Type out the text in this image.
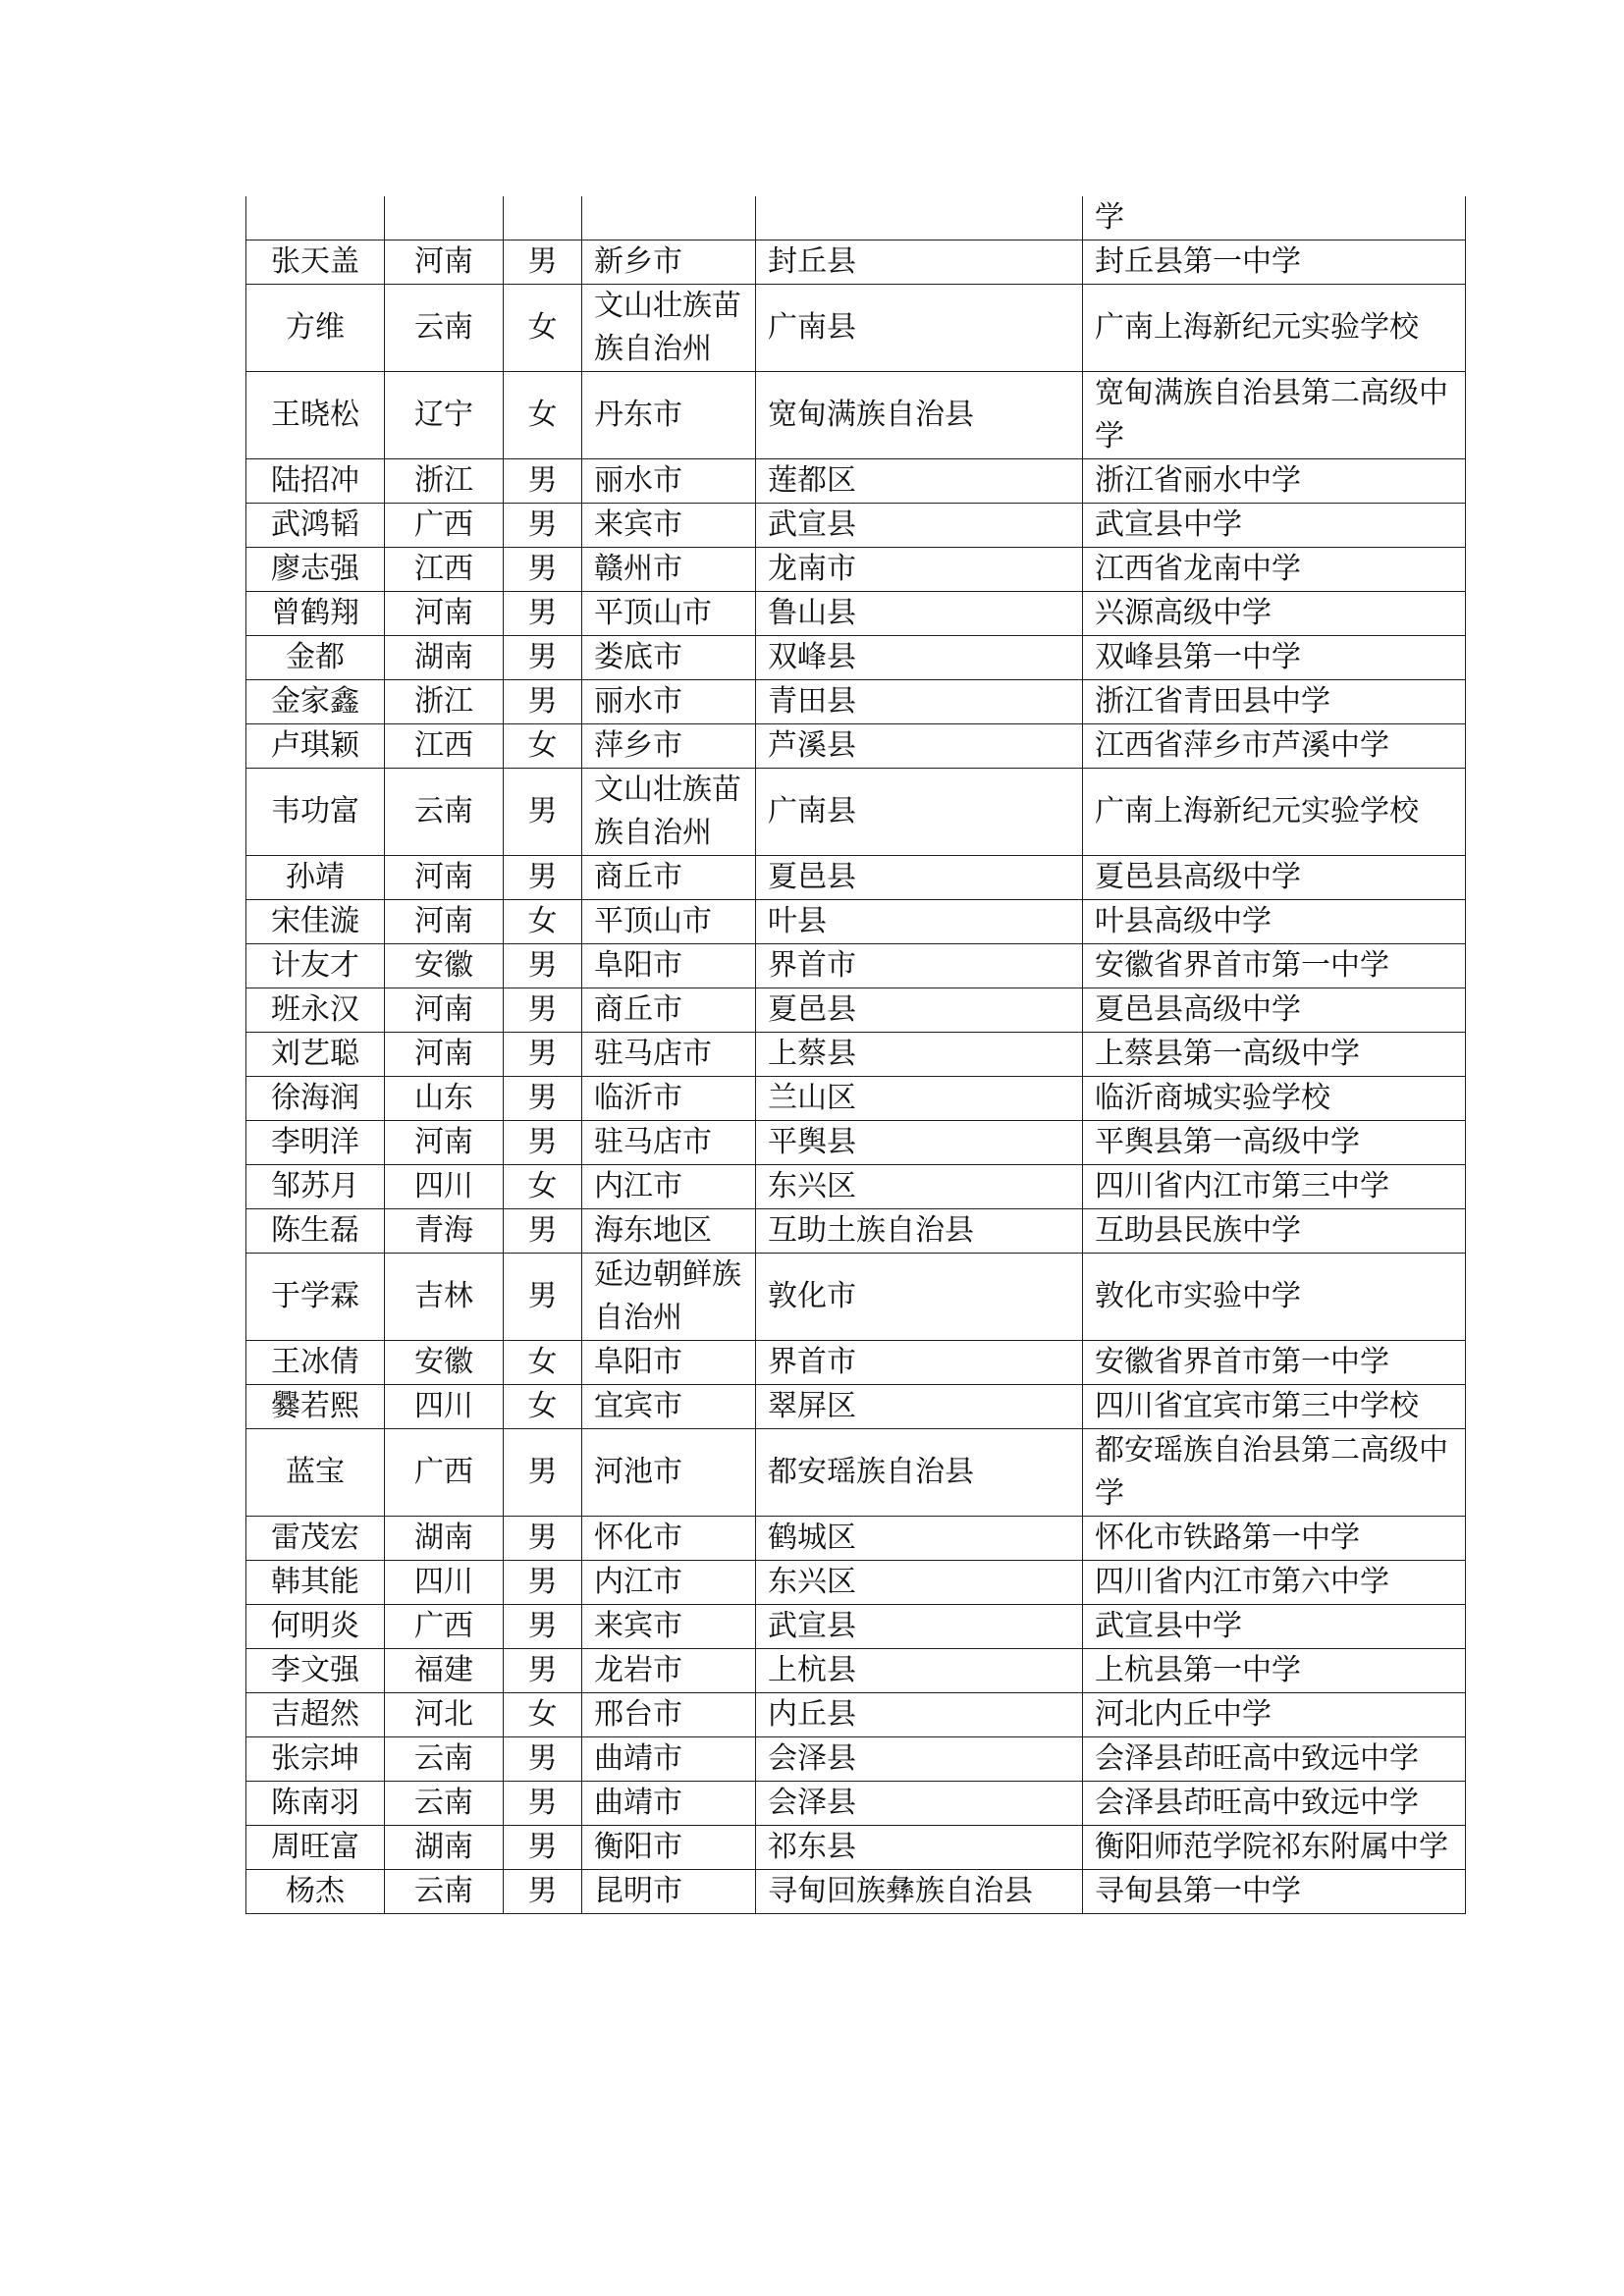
					学
张天盖	河南	男	新乡市	封丘县	封丘县第一中学
方维	云南	女	文山壮族苗族自治州	广南县	广南上海新纪元实验学校
王晓松	辽宁	女	丹东市	宽甸满族自治县	宽甸满族自治县第二高级中学
陆招冲	浙江	男	丽水市	莲都区	浙江省丽水中学
武鸿韬	广西	男	来宾市	武宣县	武宣县中学
廖志强	江西	男	赣州市	龙南市	江西省龙南中学
曾鹤翔	河南	男	平顶山市	鲁山县	兴源高级中学
金都	湖南	男	娄底市	双峰县	双峰县第一中学
金家鑫	浙江	男	丽水市	青田县	浙江省青田县中学
卢琪颖	江西	女	萍乡市	芦溪县	江西省萍乡市芦溪中学
韦功富	云南	男	文山壮族苗族自治州	广南县	广南上海新纪元实验学校
孙靖	河南	男	商丘市	夏邑县	夏邑县高级中学
宋佳漩	河南	女	平顶山市	叶县	叶县高级中学
计友才	安徽	男	阜阳市	界首市	安徽省界首市第一中学
班永汉	河南	男	商丘市	夏邑县	夏邑县高级中学
刘艺聪	河南	男	驻马店市	上蔡县	上蔡县第一高级中学
徐海润	山东	男	临沂市	兰山区	临沂商城实验学校
李明洋	河南	男	驻马店市	平舆县	平舆县第一高级中学
邹苏月	四川	女	内江市	东兴区	四川省内江市第三中学
陈生磊	青海	男	海东地区	互助土族自治县	互助县民族中学
于学霖	吉林	男	延边朝鲜族自治州	敦化市	敦化市实验中学
王冰倩	安徽	女	阜阳市	界首市	安徽省界首市第一中学
爨若熙	四川	女	宜宾市	翠屏区	四川省宜宾市第三中学校
蓝宝	广西	男	河池市	都安瑶族自治县	都安瑶族自治县第二高级中学
雷茂宏	湖南	男	怀化市	鹤城区	怀化市铁路第一中学
韩其能	四川	男	内江市	东兴区	四川省内江市第六中学
何明炎	广西	男	来宾市	武宣县	武宣县中学
李文强	福建	男	龙岩市	上杭县	上杭县第一中学
吉超然	河北	女	邢台市	内丘县	河北内丘中学
张宗坤	云南	男	曲靖市	会泽县	会泽县茚旺高中致远中学
陈南羽	云南	男	曲靖市	会泽县	会泽县茚旺高中致远中学
周旺富	湖南	男	衡阳市	祁东县	衡阳师范学院祁东附属中学
杨杰	云南	男	昆明市	寻甸回族彝族自治县	寻甸县第一中学
